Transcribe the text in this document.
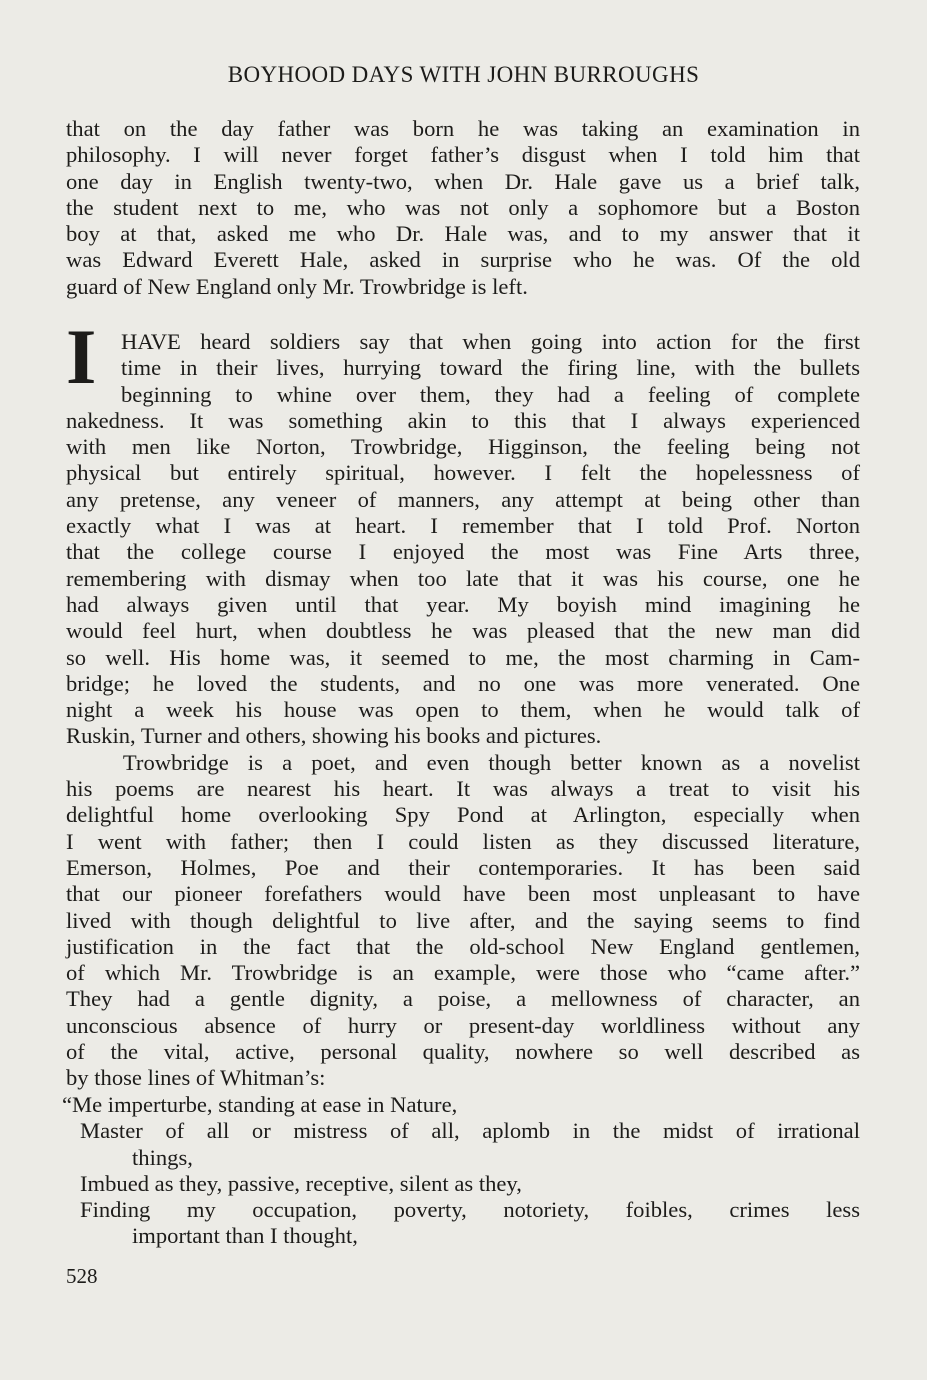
BOYHOOD DAYS WITH JOHN BURROUGHS
that on the day father was born he was taking an examination in
philosophy. I will never forget father’s disgust when I told him that
one day in English twenty-two, when Dr. Hale gave us a brief talk,
the student next to me, who was not only a sophomore but a Boston
boy at that, asked me who Dr. Hale was, and to my answer that it
was Edward Everett Hale, asked in surprise who he was. Of the old
guard of New England only Mr. Trowbridge is left.
I	HAVE heard soldiers say that when going into action for the first
time in their lives, hurrying toward the firing line, with the bullets
beginning to whine over them, they had a feeling of complete
nakedness. It was something akin to this that I always experienced
with men like Norton, Trowbridge, Higginson, the feeling being not
physical but entirely spiritual, however. I felt the hopelessness of
any pretense, any veneer of manners, any attempt at being other than
exactly what I was at heart. I remember that I told Prof. Norton
that the college course I enjoyed the most was Fine Arts three,
remembering with dismay when too late that it was his course, one he
had always given until that year. My boyish mind imagining he
would feel hurt, when doubtless he was pleased that the new man did
so well. His home was, it seemed to me, the most charming in Cam-
bridge; he loved the students, and no one was more venerated. One
night a week his house was open to them, when he would talk of
Ruskin, Turner and others, showing his books and pictures.
Trowbridge is a poet, and even though better known as a novelist
his poems are nearest his heart. It was always a treat to visit his
delightful home overlooking Spy Pond at Arlington, especially when
I went with father; then I could listen as they discussed literature,
Emerson, Holmes, Poe and their contemporaries. It has been said
that our pioneer forefathers would have been most unpleasant to have
lived with though delightful to live after, and the saying seems to find
justification in the fact that the old-school New England gentlemen,
of which Mr. Trowbridge is an example, were those who “came after.”
They had a gentle dignity, a poise, a mellowness of character, an
unconscious absence of hurry or present-day worldliness without any
of the vital, active, personal quality, nowhere so well described as
by those lines of Whitman’s:
“Me imperturbe, standing at ease in Nature,
Master of all or mistress of all, aplomb in the midst of irrational
things,
Imbued as they, passive, receptive, silent as they,
Finding my occupation, poverty, notoriety, foibles, crimes less
important than I thought,
528
